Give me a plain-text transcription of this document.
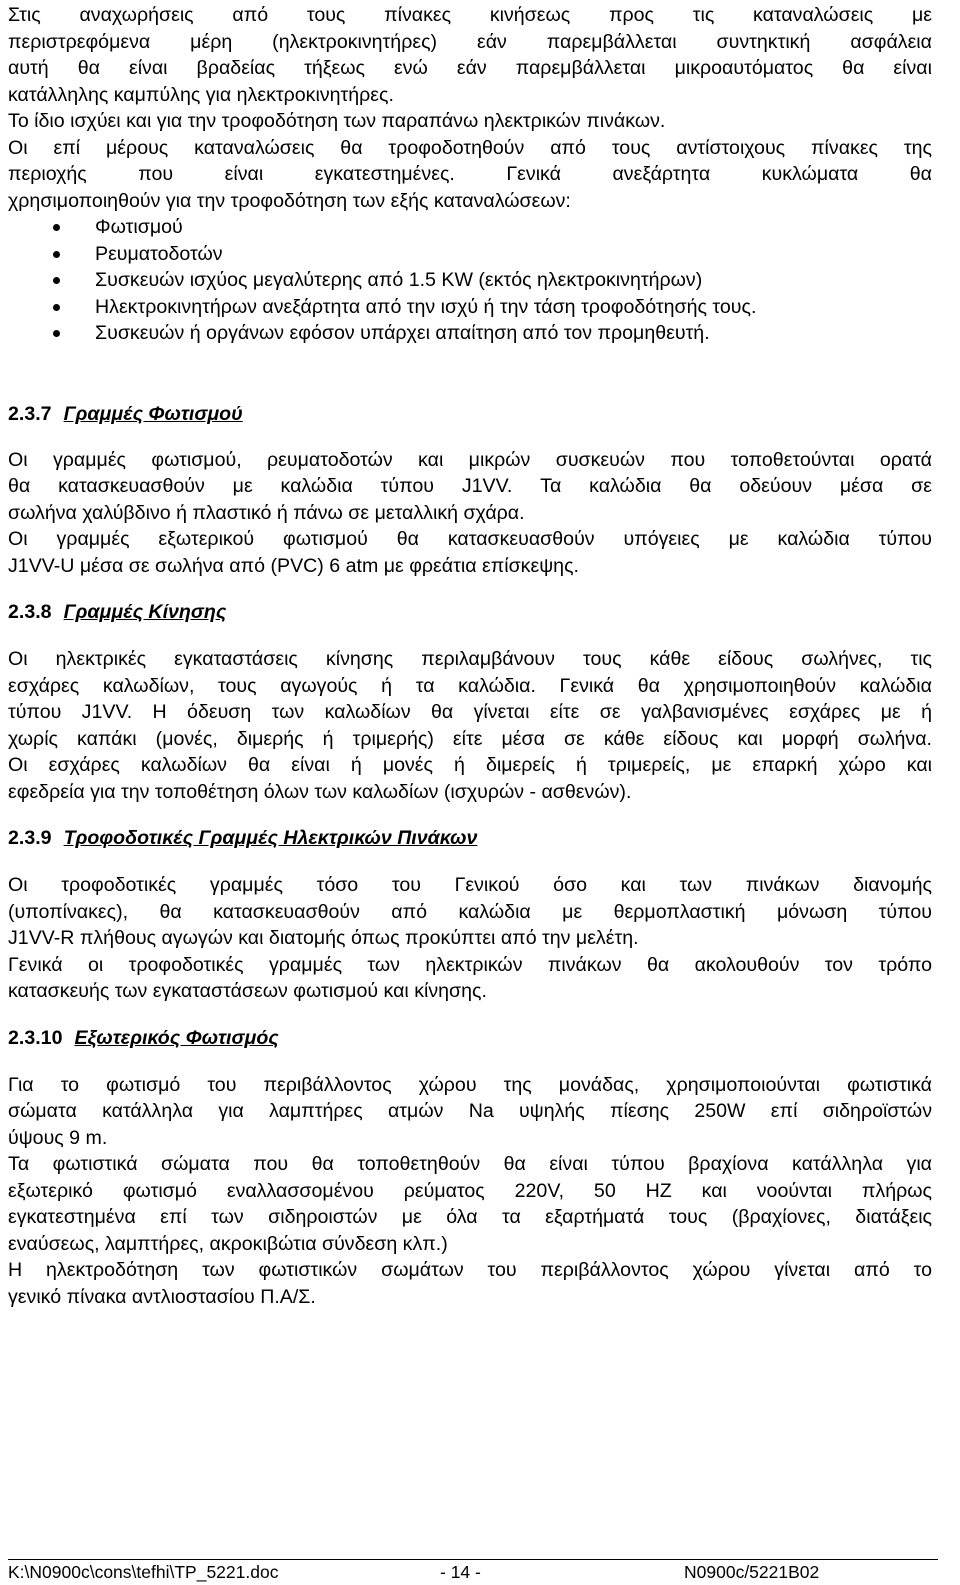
Στις αναχωρήσεις από τους πίνακες κινήσεως προς τις καταναλώσεις με
περιστρεφόμενα μέρη (ηλεκτροκινητήρες) εάν παρεμβάλλεται συντηκτική ασφάλεια
αυτή θα είναι βραδείας τήξεως ενώ εάν παρεμβάλλεται μικροαυτόματος θα είναι
κατάλληλης καμπύλης για ηλεκτροκινητήρες.
Το ίδιο ισχύει και για την τροφοδότηση των παραπάνω ηλεκτρικών πινάκων.

Οι επί μέρους καταναλώσεις θα τροφοδοτηθούν από τους αντίστοιχους πίνακες της
περιοχής που είναι εγκατεστημένες. Γενικά ανεξάρτητα κυκλώματα θα
χρησιμοποιηθούν για την τροφοδότηση των εξής καταναλώσεων:

Φωτισμού
Ρευματοδοτών
Συσκευών ισχύος μεγαλύτερης από 1.5 KW (εκτός ηλεκτροκινητήρων)
Ηλεκτροκινητήρων ανεξάρτητα από την ισχύ ή την τάση τροφοδότησής τους.
Συσκευών ή οργάνων εφόσον υπάρχει απαίτηση από τον προμηθευτή.
2.3.7 Γραμμές Φωτισμού

Οι γραμμές φωτισμού, ρευματοδοτών και μικρών συσκευών που τοποθετούνται ορατά
θα κατασκευασθούν με καλώδια τύπου J1VV. Τα καλώδια θα οδεύουν μέσα σε
σωλήνα χαλύβδινο ή πλαστικό ή πάνω σε μεταλλική σχάρα.
Οι γραμμές εξωτερικού φωτισμού θα κατασκευασθούν υπόγειες με καλώδια τύπου
J1VV-U μέσα σε σωλήνα από (PVC) 6 atm με φρεάτια επίσκεψης.

2.3.8 Γραμμές Κίνησης

Οι ηλεκτρικές εγκαταστάσεις κίνησης περιλαμβάνουν τους κάθε είδους σωλήνες, τις
εσχάρες καλωδίων, τους αγωγούς ή τα καλώδια. Γενικά θα χρησιμοποιηθούν καλώδια
τύπου J1VV. Η όδευση των καλωδίων θα γίνεται είτε σε γαλβανισμένες εσχάρες με ή
χωρίς καπάκι (μονές, διμερής ή τριμερής) είτε μέσα σε κάθε είδους και μορφή σωλήνα.
Οι εσχάρες καλωδίων θα είναι ή μονές ή διμερείς ή τριμερείς, με επαρκή χώρο και
εφεδρεία για την τοποθέτηση όλων των καλωδίων (ισχυρών - ασθενών).

2.3.9 Τροφοδοτικές Γραμμές Ηλεκτρικών Πινάκων

Οι τροφοδοτικές γραμμές τόσο του Γενικού όσο και των πινάκων διανομής
(υποπίνακες), θα κατασκευασθούν από καλώδια με θερμοπλαστική μόνωση τύπου
J1VV-R πλήθους αγωγών και διατομής όπως προκύπτει από την μελέτη.
Γενικά οι τροφοδοτικές γραμμές των ηλεκτρικών πινάκων θα ακολουθούν τον τρόπο
κατασκευής των εγκαταστάσεων φωτισμού και κίνησης.

2.3.10 Εξωτερικός Φωτισμός

Για το φωτισμό του περιβάλλοντος χώρου της μονάδας, χρησιμοποιούνται φωτιστικά
σώματα κατάλληλα για λαμπτήρες ατμών Na υψηλής πίεσης 250W επί σιδηροϊστών
ύψους 9 m.
Τα φωτιστικά σώματα που θα τοποθετηθούν θα είναι τύπου βραχίονα κατάλληλα για
εξωτερικό φωτισμό εναλλασσομένου ρεύματος 220V, 50 HZ και νοούνται πλήρως
εγκατεστημένα επί των σιδηροιστών με όλα τα εξαρτήματά τους (βραχίονες, διατάξεις
εναύσεως, λαμπτήρες, ακροκιβώτια σύνδεση κλπ.)
Η ηλεκτροδότηση των φωτιστικών σωμάτων του περιβάλλοντος χώρου γίνεται από το
γενικό πίνακα αντλιοστασίου Π.Α/Σ.

K:\N0900c\cons\tefhi\TP_5221.doc	- 14 -	N0900c/5221B02
